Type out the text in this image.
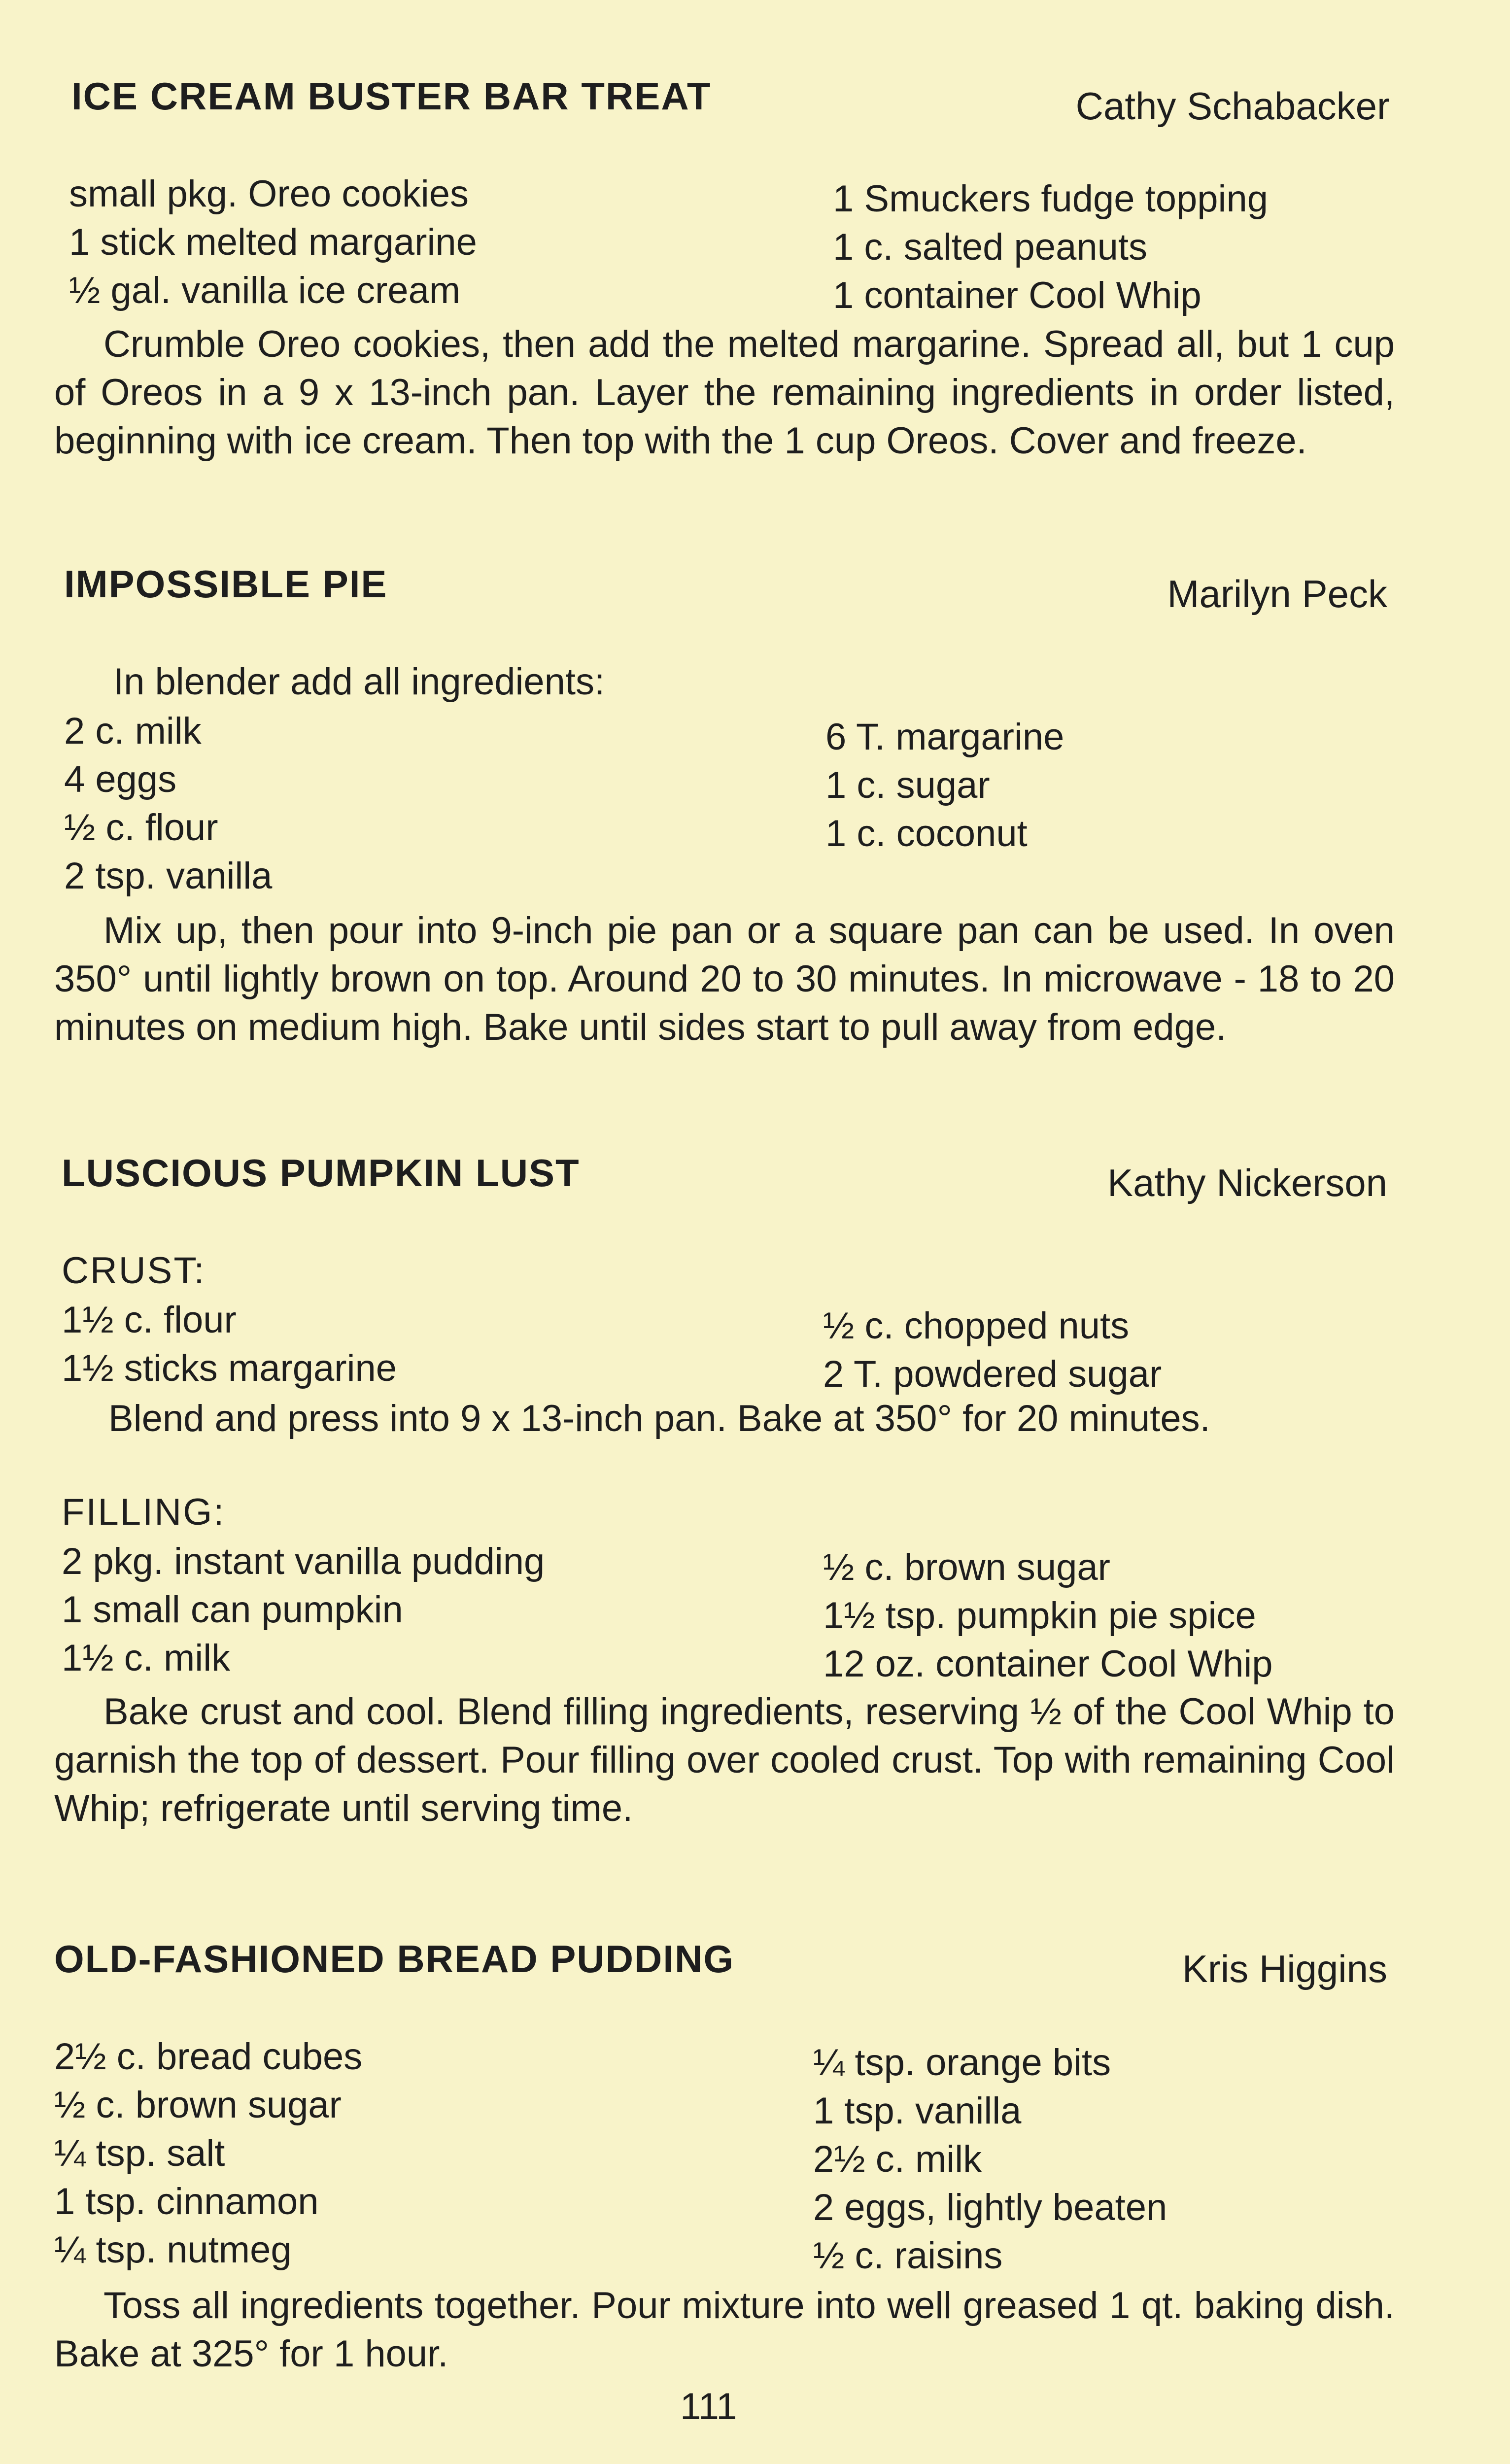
ICE CREAM BUSTER BAR TREAT	Cathy Schabacker
small pkg. Oreo cookies
1 stick melted margarine
½ gal. vanilla ice cream
1 Smuckers fudge topping
1 c. salted peanuts
1 container Cool Whip
Crumble Oreo cookies, then add the melted margarine. Spread all, but 1 cup of Oreos in a 9 x 13-inch pan. Layer the remaining ingredients in order listed, beginning with ice cream. Then top with the 1 cup Oreos. Cover and freeze.
IMPOSSIBLE PIE	Marilyn Peck
In blender add all ingredients:
2 c. milk
4 eggs
½ c. flour
2 tsp. vanilla
6 T. margarine
1 c. sugar
1 c. coconut
Mix up, then pour into 9-inch pie pan or a square pan can be used. In oven 350° until lightly brown on top. Around 20 to 30 minutes. In microwave - 18 to 20 minutes on medium high. Bake until sides start to pull away from edge.
LUSCIOUS PUMPKIN LUST	Kathy Nickerson
CRUST:
1½ c. flour
1½ sticks margarine
½ c. chopped nuts
2 T. powdered sugar
Blend and press into 9 x 13-inch pan. Bake at 350° for 20 minutes.
FILLING:
2 pkg. instant vanilla pudding
1 small can pumpkin
1½ c. milk
½ c. brown sugar
1½ tsp. pumpkin pie spice
12 oz. container Cool Whip
Bake crust and cool. Blend filling ingredients, reserving ½ of the Cool Whip to garnish the top of dessert. Pour filling over cooled crust. Top with remaining Cool Whip; refrigerate until serving time.
OLD-FASHIONED BREAD PUDDING	Kris Higgins
2½ c. bread cubes
½ c. brown sugar
¼ tsp. salt
1 tsp. cinnamon
¼ tsp. nutmeg
¼ tsp. orange bits
1 tsp. vanilla
2½ c. milk
2 eggs, lightly beaten
½ c. raisins
Toss all ingredients together. Pour mixture into well greased 1 qt. baking dish. Bake at 325° for 1 hour.
111
